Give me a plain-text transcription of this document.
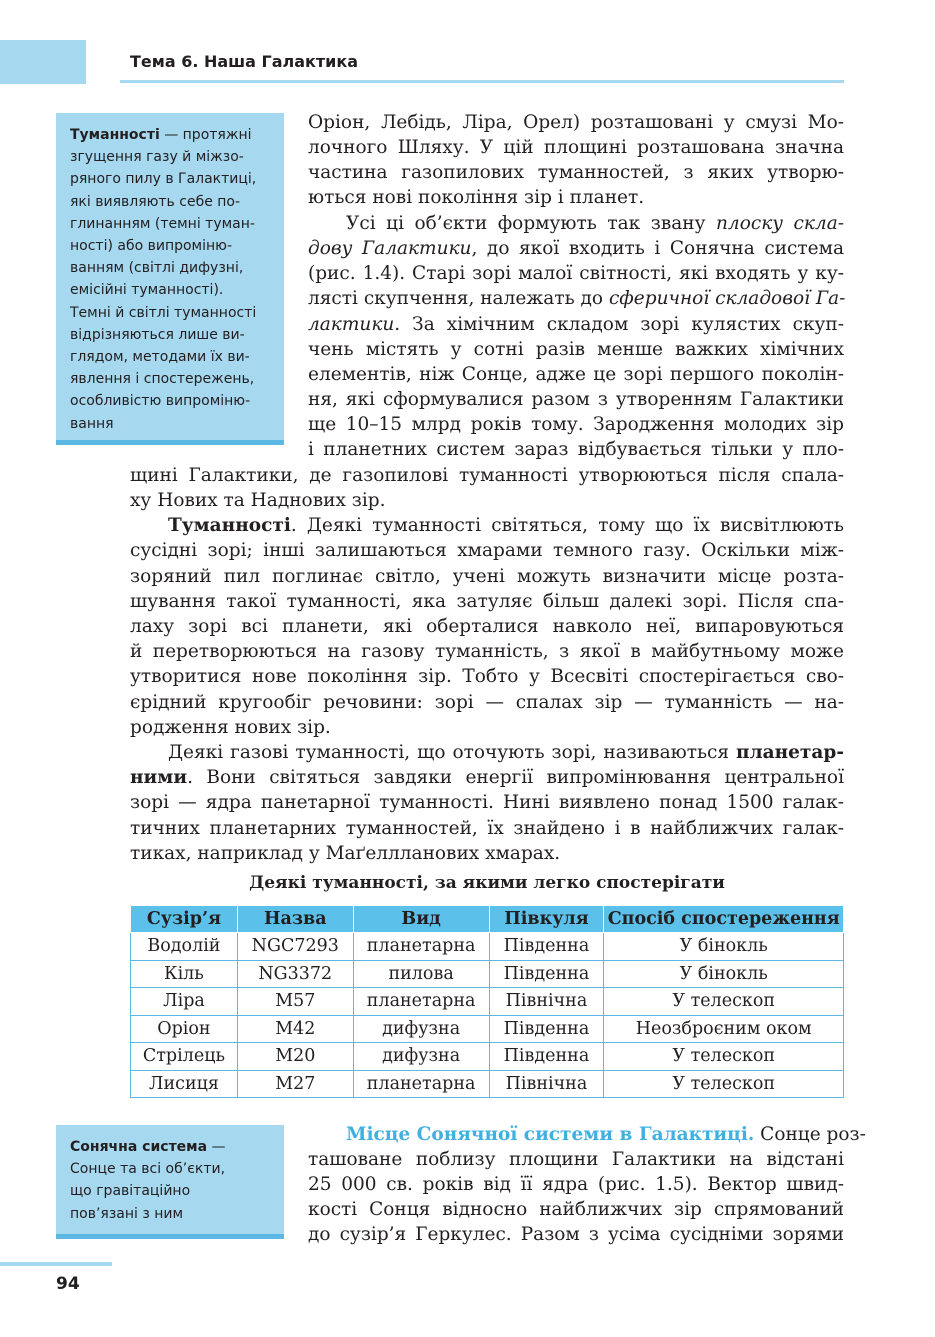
Тема 6. Наша Галактика
Туманності — протяжні
згущення газу й міжзо-
ряного пилу в Галактиці,
які виявляють себе по-
глинанням (темні туман-
ності) або випроміню-
ванням (світлі дифузні,
емісійні туманності).
Темні й світлі туманності
відрізняються лише ви-
глядом, методами їх ви-
явлення і спостережень,
особливістю випроміню-
вання
Оріон, Лебідь, Ліра, Орел) розташовані у смузі Мо-
лочного Шляху. У цій площині розташована значна
частина газопилових туманностей, з яких утворю-
ються нові покоління зір і планет.
Усі ці об’єкти формують так звану плоску скла-
дову Галактики, до якої входить і Сонячна система
(рис. 1.4). Старі зорі малої світності, які входять у ку-
лясті скупчення, належать до сферичної складової Га-
лактики. За хімічним складом зорі кулястих скуп-
чень містять у сотні разів менше важких хімічних
елементів, ніж Сонце, адже це зорі першого поколін-
ня, які сформувалися разом з утворенням Галактики
ще 10–15 млрд років тому. Зародження молодих зір
і планетних систем зараз відбувається тільки у пло-
щині Галактики, де газопилові туманності утворюються після спала-
ху Нових та Наднових зір.
Туманності. Деякі туманності світяться, тому що їх висвітлюють
сусідні зорі; інші залишаються хмарами темного газу. Оскільки між-
зоряний пил поглинає світло, учені можуть визначити місце розта-
шування такої туманності, яка затуляє більш далекі зорі. Після спа-
лаху зорі всі планети, які оберталися навколо неї, випаровуються
й перетворюються на газову туманність, з якої в майбутньому може
утворитися нове покоління зір. Тобто у Всесвіті спостерігається сво-
єрідний кругообіг речовини: зорі — спалах зір — туманність — на-
родження нових зір.
Деякі газові туманності, що оточують зорі, називаються планетар-
ними. Вони світяться завдяки енергії випромінювання центральної
зорі — ядра панетарної туманності. Нині виявлено понад 1500 галак-
тичних планетарних туманностей, їх знайдено і в найближчих галак-
тиках, наприклад у Маґеллланових хмарах.
Деякі туманності, за якими легко спостерігати
Сузір’я	Назва	Вид	Півкуля	Спосіб спостереження
Водолій	NGC7293	планетарна	Південна	У бінокль
Кіль	NG3372	пилова	Південна	У бінокль
Ліра	M57	планетарна	Північна	У телескоп
Оріон	M42	дифузна	Південна	Неозброєним оком
Стрілець	M20	дифузна	Південна	У телескоп
Лисиця	M27	планетарна	Північна	У телескоп
Сонячна система —
Сонце та всі об’єкти,
що гравітаційно
пов’язані з ним
Місце Сонячної системи в Галактиці. Сонце роз-
ташоване поблизу площини Галактики на відстані
25 000 св. років від її ядра (рис. 1.5). Вектор швид-
кості Сонця відносно найближчих зір спрямований
до сузір’я Геркулес. Разом з усіма сусідніми зорями
94
